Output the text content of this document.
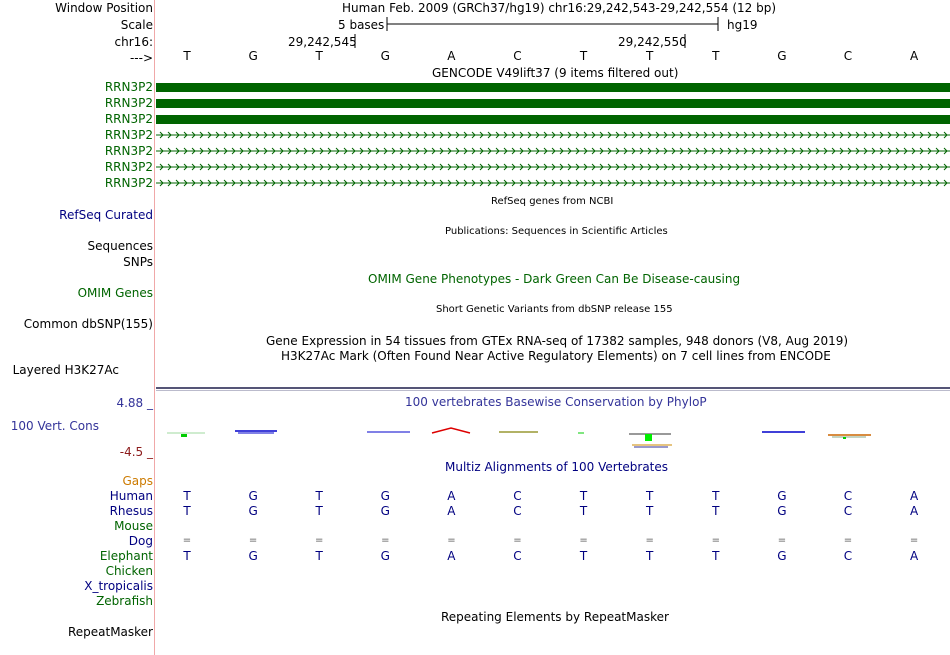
Window Position
Scale
chr16:
--->
Human Feb. 2009 (GRCh37/hg19) chr16:29,242,543-29,242,554 (12 bp)
5 bases	hg19
29,242,545	29,242,550
T	G	T	G	A	C	T	T	T	G	C	A
GENCODE V49lift37 (9 items filtered out)
RRN3P2
RRN3P2
RRN3P2
RRN3P2
RRN3P2
RRN3P2
RRN3P2
RefSeq genes from NCBI
RefSeq Curated
Publications: Sequences in Scientific Articles
Sequences
SNPs
OMIM Gene Phenotypes - Dark Green Can Be Disease-causing
OMIM Genes
Short Genetic Variants from dbSNP release 155
Common dbSNP(155)
Gene Expression in 54 tissues from GTEx RNA-seq of 17382 samples, 948 donors (V8, Aug 2019)
H3K27Ac Mark (Often Found Near Active Regulatory Elements) on 7 cell lines from ENCODE
Layered H3K27Ac
100 vertebrates Basewise Conservation by PhyloP
4.88 _
100 Vert. Cons
-4.5 _
Multiz Alignments of 100 Vertebrates
Gaps
Human	T	G	T	G	A	C	T	T	T	G	C	A
Rhesus	T	G	T	G	A	C	T	T	T	G	C	A
Mouse
Dog	=	=	=	=	=	=	=	=	=	=	=	=
Elephant	T	G	T	G	A	C	T	T	T	G	C	A
Chicken
X_tropicalis
Zebrafish
Repeating Elements by RepeatMasker
RepeatMasker
